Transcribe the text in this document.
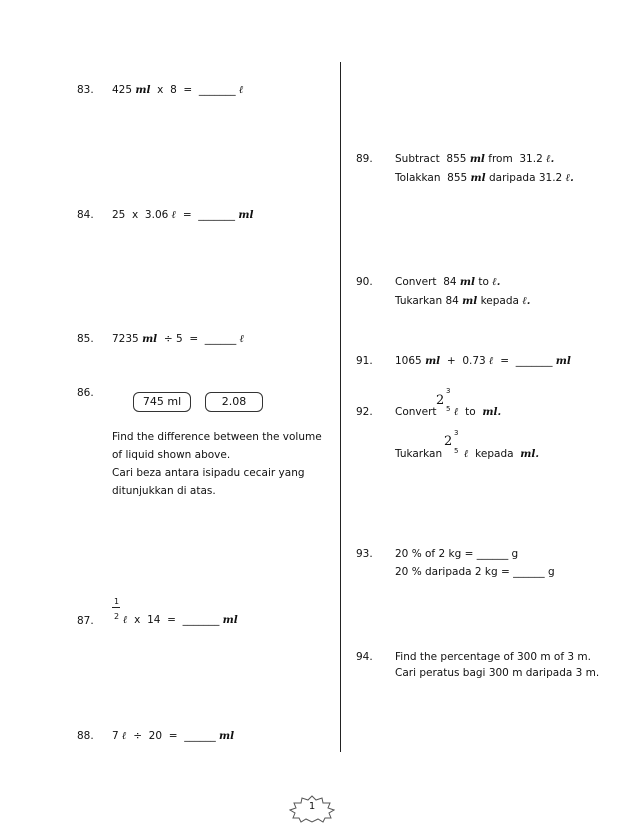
83. 425 ml  x  8  =  _______ ℓ
84. 25  x  3.06 ℓ  =  _______ ml
85. 7235 ml  ÷ 5  =  ______ ℓ
86.
745 ml	2.08
Find the difference between the volume
of liquid shown above.
Cari beza antara isipadu cecair yang
ditunjukkan di atas.
1
87.	2 ℓ  x  14  =  _______ ml
88. 7 ℓ  ÷  20  =  ______ ml
89. Subtract  855 ml from  31.2 ℓ.
Tolakkan  855 ml daripada 31.2 ℓ.
90. Convert  84 ml to ℓ.
Tukarkan 84 ml kepada ℓ.
91. 1065 ml  +  0.73 ℓ  =  _______ ml
92. Convert
2
3
5 ℓ  to  ml.
Tukarkan
2
3
5 ℓ  kepada  ml.
93. 20 % of 2 kg = ______ g
20 % daripada 2 kg = ______ g
94. Find the percentage of 300 m of 3 m.
Cari peratus bagi 300 m daripada 3 m.
1
